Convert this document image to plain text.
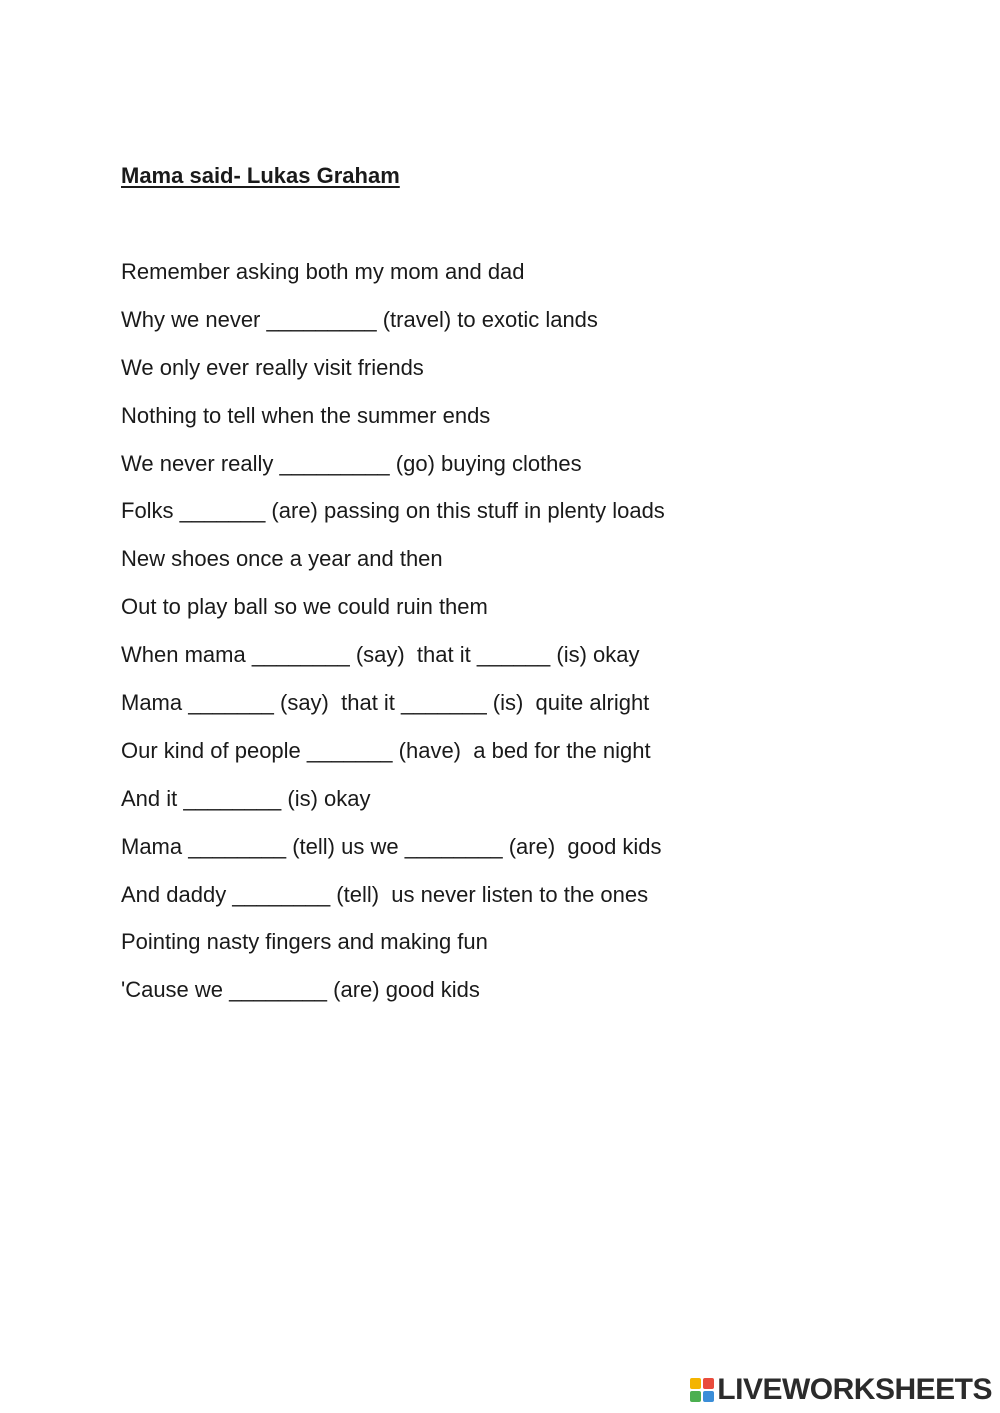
Mama said- Lukas Graham
Remember asking both my mom and dad
Why we never _________ (travel) to exotic lands
We only ever really visit friends
Nothing to tell when the summer ends
We never really _________ (go) buying clothes
Folks _______ (are) passing on this stuff in plenty loads
New shoes once a year and then
Out to play ball so we could ruin them
When mama ________ (say)  that it ______ (is) okay
Mama _______ (say)  that it _______ (is)  quite alright
Our kind of people _______ (have)  a bed for the night
And it ________ (is) okay
Mama ________ (tell) us we ________ (are)  good kids
And daddy ________ (tell)  us never listen to the ones
Pointing nasty fingers and making fun
'Cause we ________ (are) good kids
LIVEWORKSHEETS
